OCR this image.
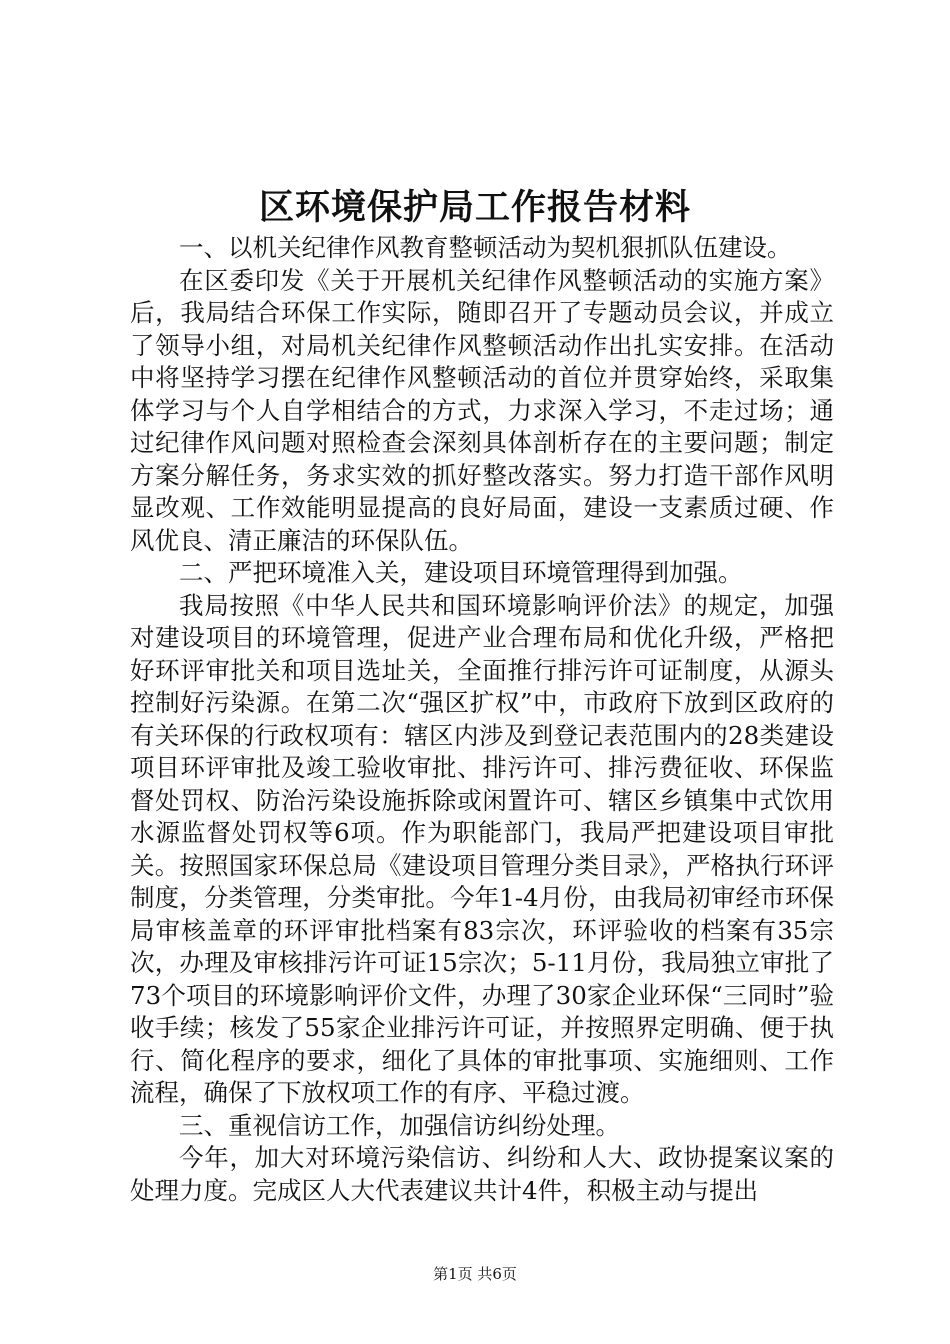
区环境保护局工作报告材料

一、以机关纪律作风教育整顿活动为契机狠抓队伍建设。

在区委印发《关于开展机关纪律作风整顿活动的实施方案》后，我局结合环保工作实际，随即召开了专题动员会议，并成立了领导小组，对局机关纪律作风整顿活动作出扎实安排。在活动中将坚持学习摆在纪律作风整顿活动的首位并贯穿始终，采取集体学习与个人自学相结合的方式，力求深入学习，不走过场；通过纪律作风问题对照检查会深刻具体剖析存在的主要问题；制定方案分解任务，务求实效的抓好整改落实。努力打造干部作风明显改观、工作效能明显提高的良好局面，建设一支素质过硬、作风优良、清正廉洁的环保队伍。

二、严把环境准入关，建设项目环境管理得到加强。

我局按照《中华人民共和国环境影响评价法》的规定，加强对建设项目的环境管理，促进产业合理布局和优化升级，严格把好环评审批关和项目选址关，全面推行排污许可证制度，从源头控制好污染源。在第二次“强区扩权”中，市政府下放到区政府的有关环保的行政权项有：辖区内涉及到登记表范围内的28类建设项目环评审批及竣工验收审批、排污许可、排污费征收、环保监督处罚权、防治污染设施拆除或闲置许可、辖区乡镇集中式饮用水源监督处罚权等6项。作为职能部门，我局严把建设项目审批关。按照国家环保总局《建设项目管理分类目录》，严格执行环评制度，分类管理，分类审批。今年1-4月份，由我局初审经市环保局审核盖章的环评审批档案有83宗次，环评验收的档案有35宗次，办理及审核排污许可证15宗次；5-11月份，我局独立审批了73个项目的环境影响评价文件，办理了30家企业环保“三同时”验收手续；核发了55家企业排污许可证，并按照界定明确、便于执行、简化程序的要求，细化了具体的审批事项、实施细则、工作流程，确保了下放权项工作的有序、平稳过渡。

三、重视信访工作，加强信访纠纷处理。

今年，加大对环境污染信访、纠纷和人大、政协提案议案的处理力度。完成区人大代表建议共计4件，积极主动与提出

第1页 共6页
